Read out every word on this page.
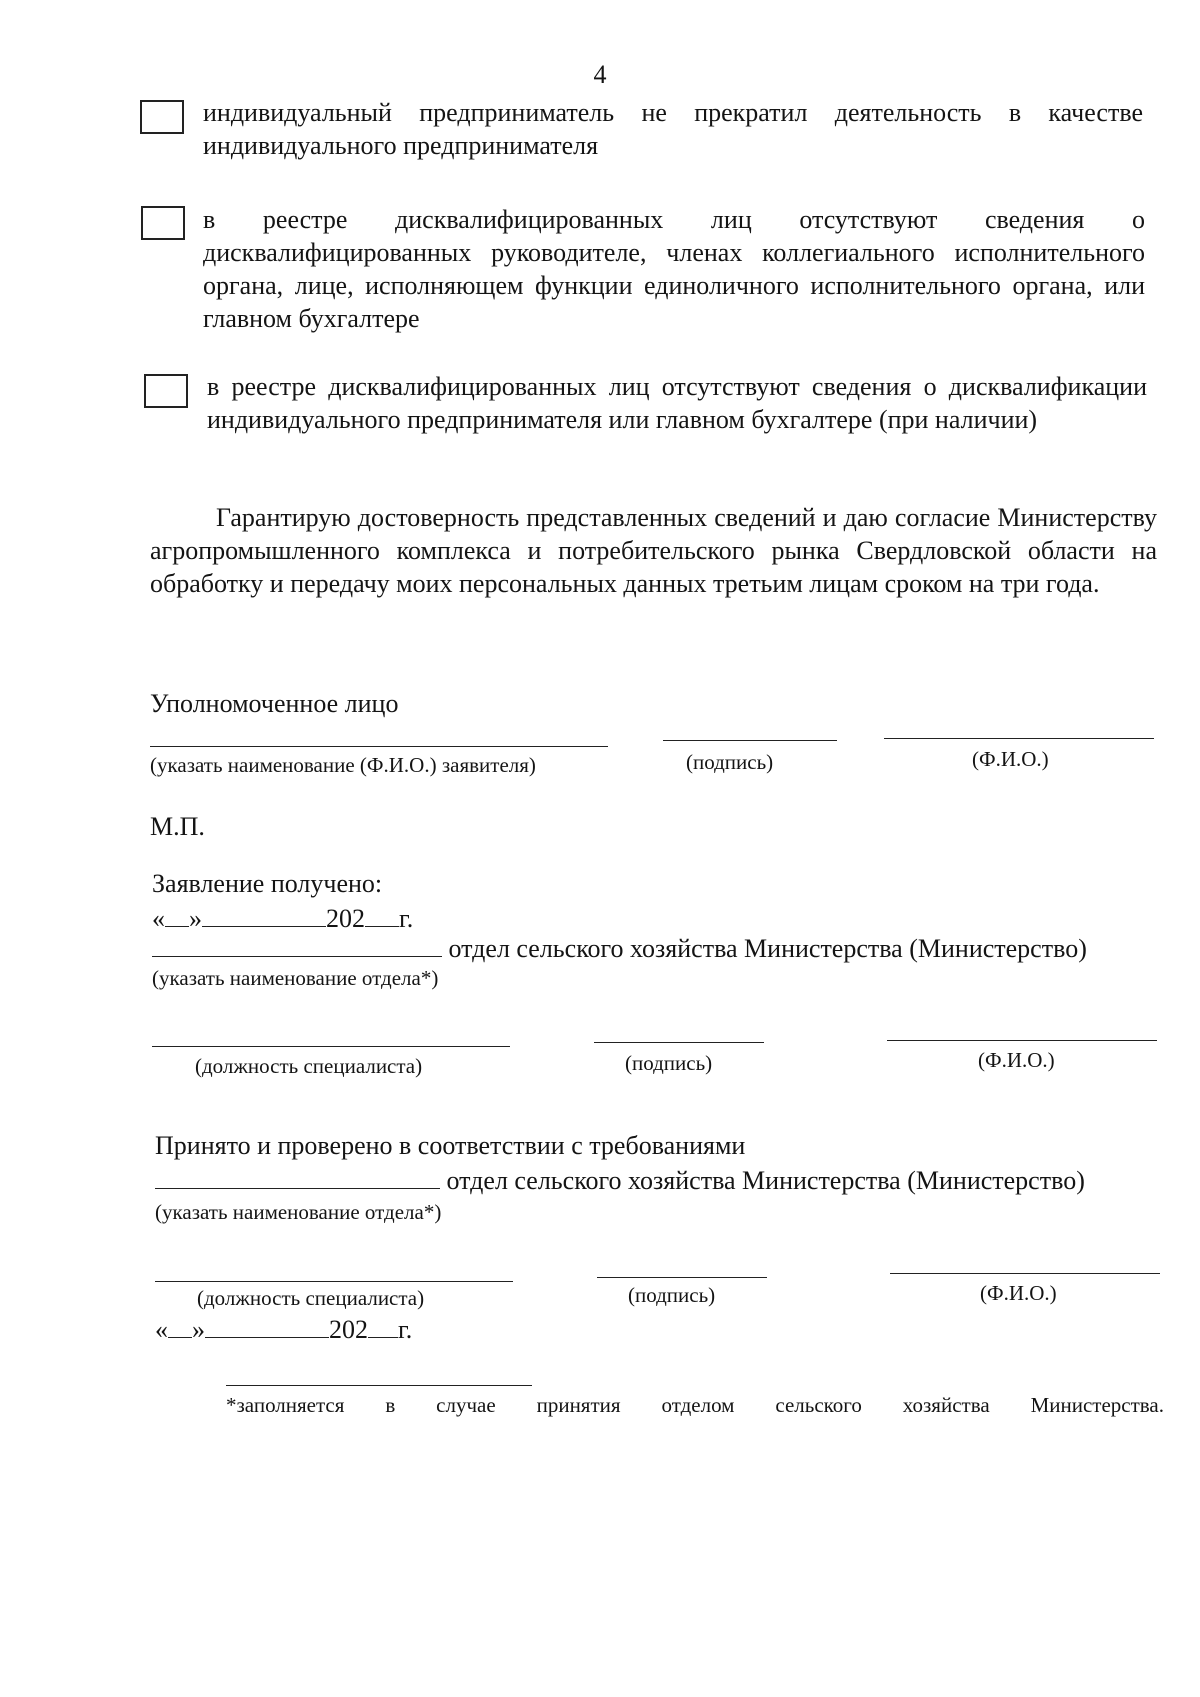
4
индивидуальный предприниматель не прекратил деятельность в качестве индивидуального предпринимателя
в реестре дисквалифицированных лиц отсутствуют сведения о дисквалифицированных руководителе, членах коллегиального исполнительного органа, лице, исполняющем функции единоличного исполнительного органа, или главном бухгалтере
в реестре дисквалифицированных лиц отсутствуют сведения о дисквалификации индивидуального предпринимателя или главном бухгалтере (при наличии)
Гарантирую достоверность представленных сведений и даю согласие Министерству агропромышленного комплекса и потребительского рынка Свердловской области на обработку и передачу моих персональных данных третьим лицам сроком на три года.
Уполномоченное лицо
(указать наименование (Ф.И.О.) заявителя)	(подпись)	(Ф.И.О.)
М.П.
Заявление получено:
« »	202 г.
отдел сельского хозяйства Министерства (Министерство)
(указать наименование отдела*)
(должность специалиста)	(подпись)	(Ф.И.О.)
Принято и проверено в соответствии с требованиями
отдел сельского хозяйства Министерства (Министерство)
(указать наименование отдела*)
(должность специалиста)	(подпись)	(Ф.И.О.)
« »	202 г.
*заполняется в случае принятия отделом сельского хозяйства Министерства.
